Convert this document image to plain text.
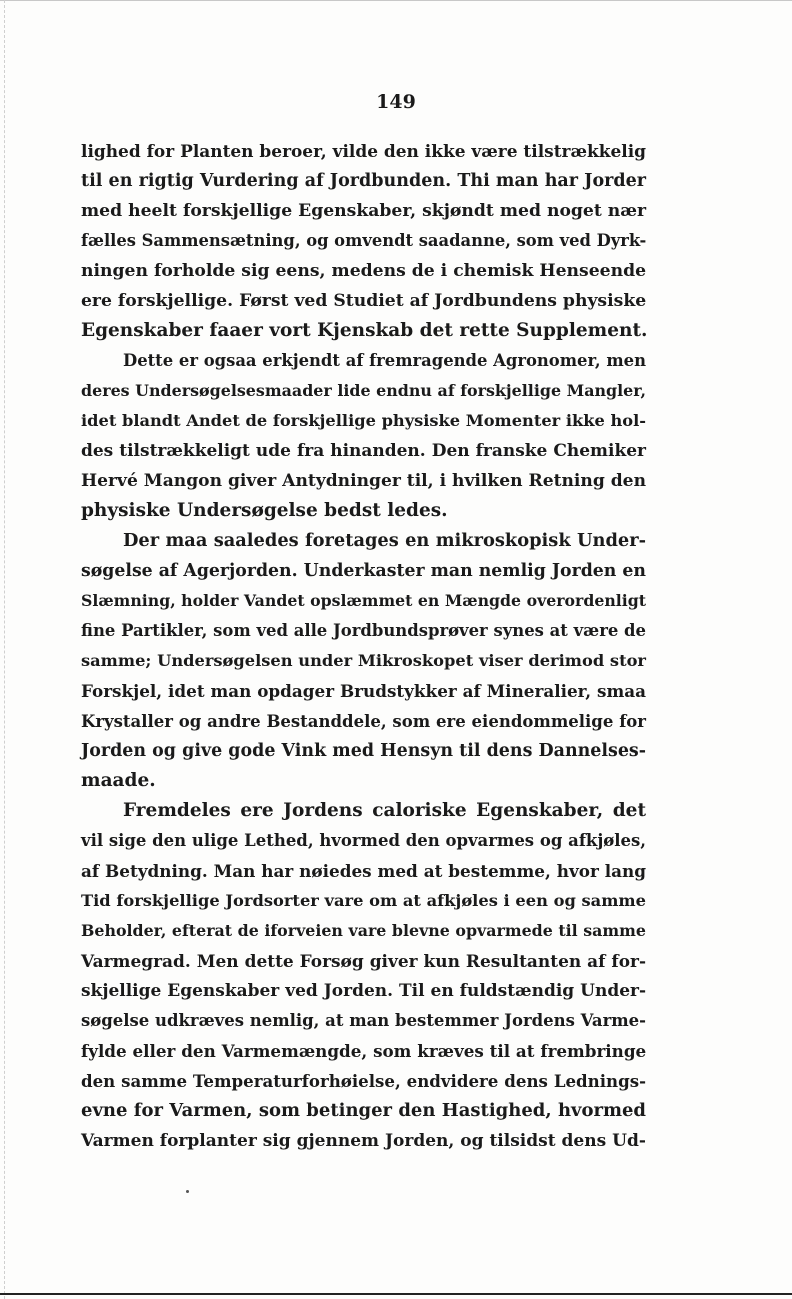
149
lighed for Planten beroer, vilde den ikke være tilstrækkelig
til en rigtig Vurdering af Jordbunden. Thi man har Jorder
med heelt forskjellige Egenskaber, skjøndt med noget nær
fælles Sammensætning, og omvendt saadanne, som ved Dyrk-
ningen forholde sig eens, medens de i chemisk Henseende
ere forskjellige. Først ved Studiet af Jordbundens physiske
Egenskaber faaer vort Kjenskab det rette Supplement.
Dette er ogsaa erkjendt af fremragende Agronomer, men
deres Undersøgelsesmaader lide endnu af forskjellige Mangler,
idet blandt Andet de forskjellige physiske Momenter ikke hol-
des tilstrækkeligt ude fra hinanden. Den franske Chemiker
Hervé Mangon giver Antydninger til, i hvilken Retning den
physiske Undersøgelse bedst ledes.
Der maa saaledes foretages en mikroskopisk Under-
søgelse af Agerjorden. Underkaster man nemlig Jorden en
Slæmning, holder Vandet opslæmmet en Mængde overordenligt
fine Partikler, som ved alle Jordbundsprøver synes at være de
samme; Undersøgelsen under Mikroskopet viser derimod stor
Forskjel, idet man opdager Brudstykker af Mineralier, smaa
Krystaller og andre Bestanddele, som ere eiendommelige for
Jorden og give gode Vink med Hensyn til dens Dannelses-
maade.
Fremdeles ere Jordens caloriske Egenskaber, det
vil sige den ulige Lethed, hvormed den opvarmes og afkjøles,
af Betydning. Man har nøiedes med at bestemme, hvor lang
Tid forskjellige Jordsorter vare om at afkjøles i een og samme
Beholder, efterat de iforveien vare blevne opvarmede til samme
Varmegrad. Men dette Forsøg giver kun Resultanten af for-
skjellige Egenskaber ved Jorden. Til en fuldstændig Under-
søgelse udkræves nemlig, at man bestemmer Jordens Varme-
fylde eller den Varmemængde, som kræves til at frembringe
den samme Temperaturforhøielse, endvidere dens Lednings-
evne for Varmen, som betinger den Hastighed, hvormed
Varmen forplanter sig gjennem Jorden, og tilsidst dens Ud-
